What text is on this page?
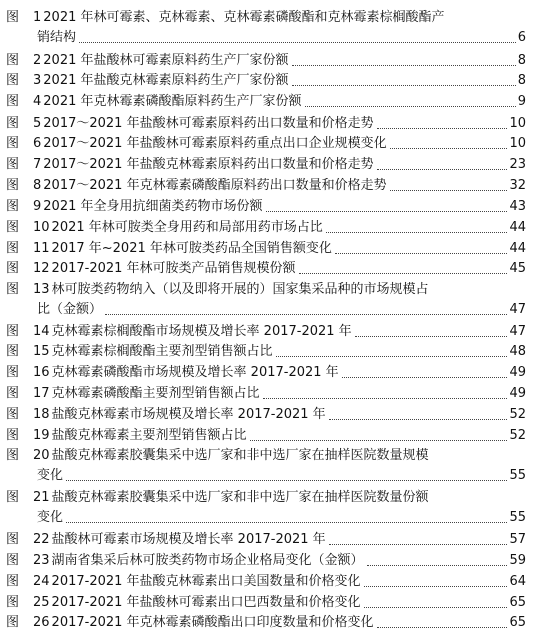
图	1 2021 年林可霉素、克林霉素、克林霉素磷酸酯和克林霉素棕榈酸酯产
销结构	6
图	2 2021 年盐酸林可霉素原料药生产厂家份额	8
图	3 2021 年盐酸克林霉素原料药生产厂家份额	8
图	4 2021 年克林霉素磷酸酯原料药生产厂家份额	9
图	5 2017～2021 年盐酸林可霉素原料药出口数量和价格走势	10
图	6 2017～2021 年盐酸林可霉素原料药重点出口企业规模变化	10
图	7 2017～2021 年盐酸克林霉素原料药出口数量和价格走势	23
图	8 2017～2021 年克林霉素磷酸酯原料药出口数量和价格走势	32
图	9 2021 年全身用抗细菌类药物市场份额	43
图	10 2021 年林可胺类全身用药和局部用药市场占比	44
图	11 2017 年~2021 年林可胺类药品全国销售额变化	44
图	12 2017-2021 年林可胺类产品销售规模份额	45
图	13 林可胺类药物纳入（以及即将开展的）国家集采品种的市场规模占
比（金额）	47
图	14 克林霉素棕榈酸酯市场规模及增长率 2017-2021 年	47
图	15 克林霉素棕榈酸酯主要剂型销售额占比	48
图	16 克林霉素磷酸酯市场规模及增长率 2017-2021 年	49
图	17 克林霉素磷酸酯主要剂型销售额占比	49
图	18 盐酸克林霉素市场规模及增长率 2017-2021 年	52
图	19 盐酸克林霉素主要剂型销售额占比	52
图	20 盐酸克林霉素胶囊集采中选厂家和非中选厂家在抽样医院数量规模
变化	55
图	21 盐酸克林霉素胶囊集采中选厂家和非中选厂家在抽样医院数量份额
变化	55
图	22 盐酸林可霉素市场规模及增长率 2017-2021 年	57
图	23 湖南省集采后林可胺类药物市场企业格局变化（金额）	59
图	24 2017-2021 年盐酸克林霉素出口美国数量和价格变化	64
图	25 2017-2021 年盐酸林可霉素出口巴西数量和价格变化	65
图	26 2017-2021 年克林霉素磷酸酯出口印度数量和价格变化	65
